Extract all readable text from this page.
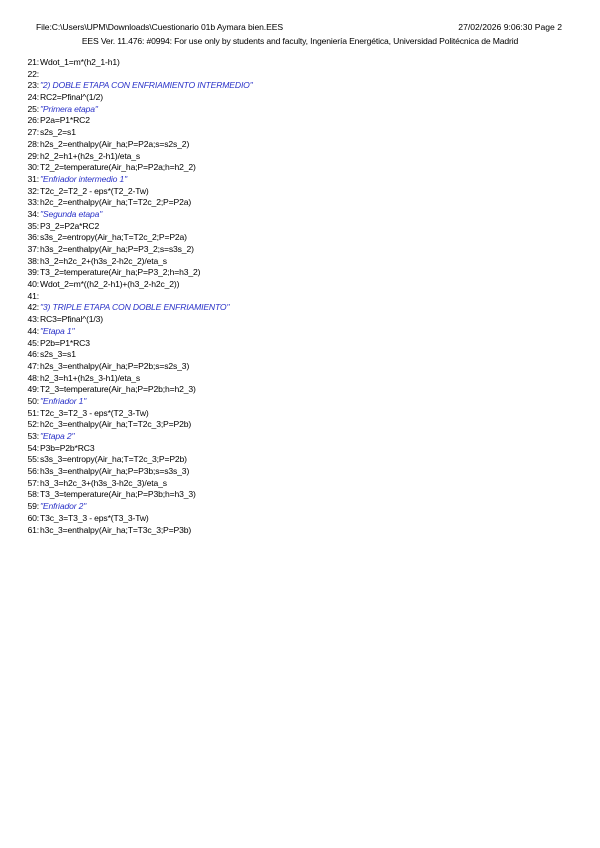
File:C:\Users\UPM\Downloads\Cuestionario 01b Aymara bien.EES	27/02/2026 9:06:30 Page 2
EES Ver. 11.476: #0994: For use only by students and faculty, Ingeniería Energética, Universidad Politécnica de Madrid
21: Wdot_1=m*(h2_1-h1)
22:
23: "2) DOBLE ETAPA CON ENFRIAMIENTO INTERMEDIO"
24: RC2=Pfinal^(1/2)
25: "Primera etapa"
26: P2a=P1*RC2
27: s2s_2=s1
28: h2s_2=enthalpy(Air_ha;P=P2a;s=s2s_2)
29: h2_2=h1+(h2s_2-h1)/eta_s
30: T2_2=temperature(Air_ha;P=P2a;h=h2_2)
31: "Enfriador intermedio 1"
32: T2c_2=T2_2 - eps*(T2_2-Tw)
33: h2c_2=enthalpy(Air_ha;T=T2c_2;P=P2a)
34: "Segunda etapa"
35: P3_2=P2a*RC2
36: s3s_2=entropy(Air_ha;T=T2c_2;P=P2a)
37: h3s_2=enthalpy(Air_ha;P=P3_2;s=s3s_2)
38: h3_2=h2c_2+(h3s_2-h2c_2)/eta_s
39: T3_2=temperature(Air_ha;P=P3_2;h=h3_2)
40: Wdot_2=m*((h2_2-h1)+(h3_2-h2c_2))
41:
42: "3) TRIPLE ETAPA CON DOBLE ENFRIAMIENTO"
43: RC3=Pfinal^(1/3)
44: "Etapa 1"
45: P2b=P1*RC3
46: s2s_3=s1
47: h2s_3=enthalpy(Air_ha;P=P2b;s=s2s_3)
48: h2_3=h1+(h2s_3-h1)/eta_s
49: T2_3=temperature(Air_ha;P=P2b;h=h2_3)
50: "Enfriador 1"
51: T2c_3=T2_3 - eps*(T2_3-Tw)
52: h2c_3=enthalpy(Air_ha;T=T2c_3;P=P2b)
53: "Etapa 2"
54: P3b=P2b*RC3
55: s3s_3=entropy(Air_ha;T=T2c_3;P=P2b)
56: h3s_3=enthalpy(Air_ha;P=P3b;s=s3s_3)
57: h3_3=h2c_3+(h3s_3-h2c_3)/eta_s
58: T3_3=temperature(Air_ha;P=P3b;h=h3_3)
59: "Enfriador 2"
60: T3c_3=T3_3 - eps*(T3_3-Tw)
61: h3c_3=enthalpy(Air_ha;T=T3c_3;P=P3b)
